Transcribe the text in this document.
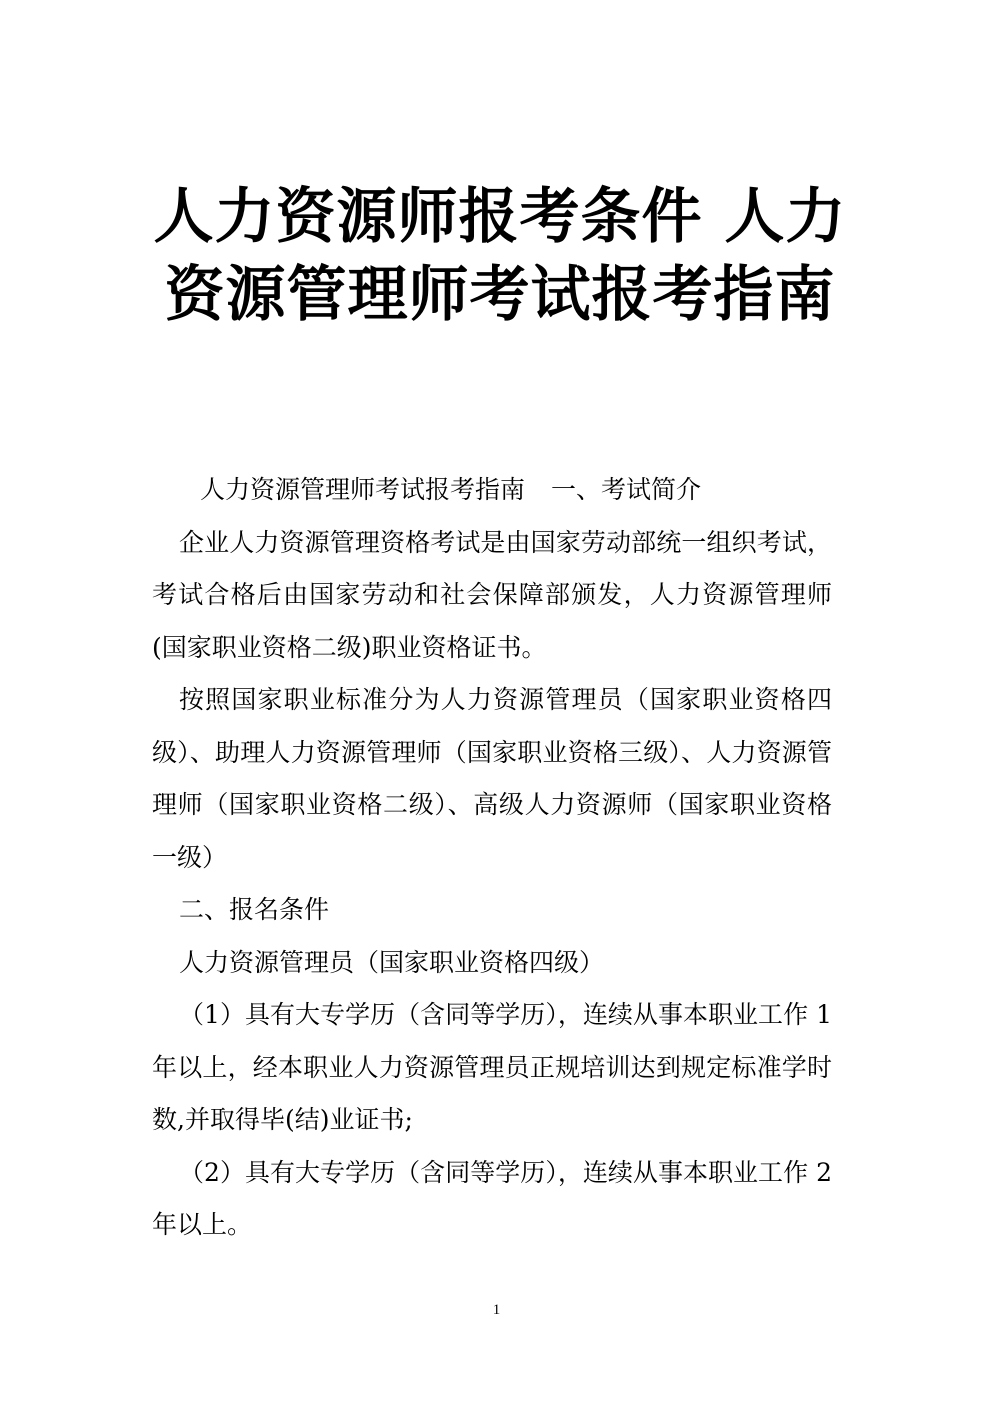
人力资源师报考条件 人力
资源管理师考试报考指南

人力资源管理师考试报考指南 一、考试简介

企业人力资源管理资格考试是由国家劳动部统一组织考试，考试合格后由国家劳动和社会保障部颁发，人力资源管理师(国家职业资格二级)职业资格证书。

按照国家职业标准分为人力资源管理员（国家职业资格四级）、助理人力资源管理师（国家职业资格三级）、人力资源管理师（国家职业资格二级）、高级人力资源师（国家职业资格一级）

二、报名条件

人力资源管理员（国家职业资格四级）

（1）具有大专学历（含同等学历），连续从事本职业工作 1 年以上，经本职业人力资源管理员正规培训达到规定标准学时数,并取得毕(结)业证书;

（2）具有大专学历（含同等学历），连续从事本职业工作 2 年以上。

1
